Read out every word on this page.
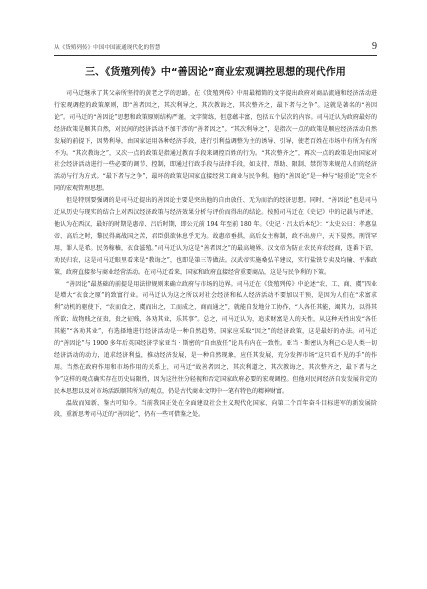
从《货殖列传》中国中国流通现代化的智慧	9
三、《货殖列传》中“善因论”商业宏观调控思想的现代作用

司马迁继承了其父亲所坚持的黄老之学的思路，在《货殖列传》中用最精简的文字提出政府对商品流通和经济活动进行宏观调控的政策原则，即“善者因之，其次利导之，其次教诲之，其次整齐之，最下者与之争”。这就是著名的“善因论”。司马迁的“善因论”思想和政策原则结构严谨，文字简练，但意蕴丰富，包括五个层次的内容。司马迁认为政府最好的经济政策是顺其自然，对民间的经济活动不加干涉的“善者因之”。“其次利导之”，是指次一点的政策是顺应经济活动自然发展的前提下，因势利导，由国家运用各种经济手段，进行引利益调整为主的诱导、引导，使老百姓在市场中有所为有所不为。“其次教诲之”，又次一点的政策是指通过教育手段来调控百姓的行为。“其次整齐之”，再次一点的政策是由国家对社会经济活动进行一些必要的调节、控制，即通过行政手段与法律手段，如支持、帮助、限制、禁罚等来规范人们的经济活动与行为方式。“最下者与之争”，最坏的政策是国家直接经营工商业与民争利。他的“善因论”是一种与“轻重论”完全不同的宏观管理思想。

但是特别要强调的是司马迁提出的善因论主要是突出他的自由放任、无为而治的经济思想。同时，“善因论”也是司马迁从历史与现实的结合上对西汉经济政策与经济效果分析与评价而得出的结论。按照司马迁在《史记》中的记载与评述，他认为在西汉，最好的时期是惠帝、吕后时期，即公元前 194 年至前 180 年。《史记 · 吕太后本纪》：“太史公曰：孝惠皇帝、高后之时，黎民得离战国之苦，君臣俱欲休息乎无为。故惠帝垂拱，高后女主称制，政不出房户，天下晏然。刑罚罕用，罪人是希。民务稼穑，衣食滋殖。”司马迁认为这是“善者因之”的最高境界。汉文帝为防止农民弃农经商，连番下诏，劝民归农，这是司马迁眼里看来是“教诲之”，也即是第三等做法。汉武帝实施桑弘羊建议，实行盐铁专卖及均输、平准政策，政府直接参与商业经营活动。在司马迁看来，国家和政府直接经营重要商品，这是与民争利的下策。

“善因论”最基础的前提是用法律规则来确立政府与市场的边界。司马迁在《货殖列传》中论述“农、工、商、虞”四业是增大“衣食之原”的致富行业。司马迁认为这之所以对社会经济和私人经济活动不要加以干预，是因为人们在“求富求利”动机的驱使下，“农而食之，虞而出之，工而成之，商而通之”，就能自发地分工协作，“人各任其能，竭其力，以得其所欲；故物贱之征贵，贵之征贱，各劝其业，乐其事”。总之，司马迁认为，追求财富是人的天性，从这种天性出发“各任其能”“各劝其业”，有选择地进行经济活动是一种自然趋势，国家应采取“因之”的经济政策，这是最好的办法。司马迁的“善因论”与 1900 多年后英国经济学家亚当 · 斯密的“自由放任”论具有内在一致性。亚当 · 斯密认为利己心是人类一切经济活动的动力，追求经济利益，推动经济发展，是一种自然现象，应任其发展，充分发挥市场“这只看不见的手”的作用。当然在政府作用和市场作用的关系上，司马迁“故善者因之，其次利道之，其次教诲之，其次整齐之，最下者与之争”这样的观点确实存在历史局限性，因为这往往分轻视和否定国家政府必要的宏观调控。但他对民间经济自发发展肯定的民本思想以及对市场活跃顺其所为的观点，仍是古代商业文明中一笔有特色的精神财富。

温故而知新，鉴古可知今。当前我国正处在全面建设社会主义现代化国家、向第二个百年奋斗目标进军的新发展阶段，重新思考司马迁的“善因论”，仍有一些可借鉴之处。
